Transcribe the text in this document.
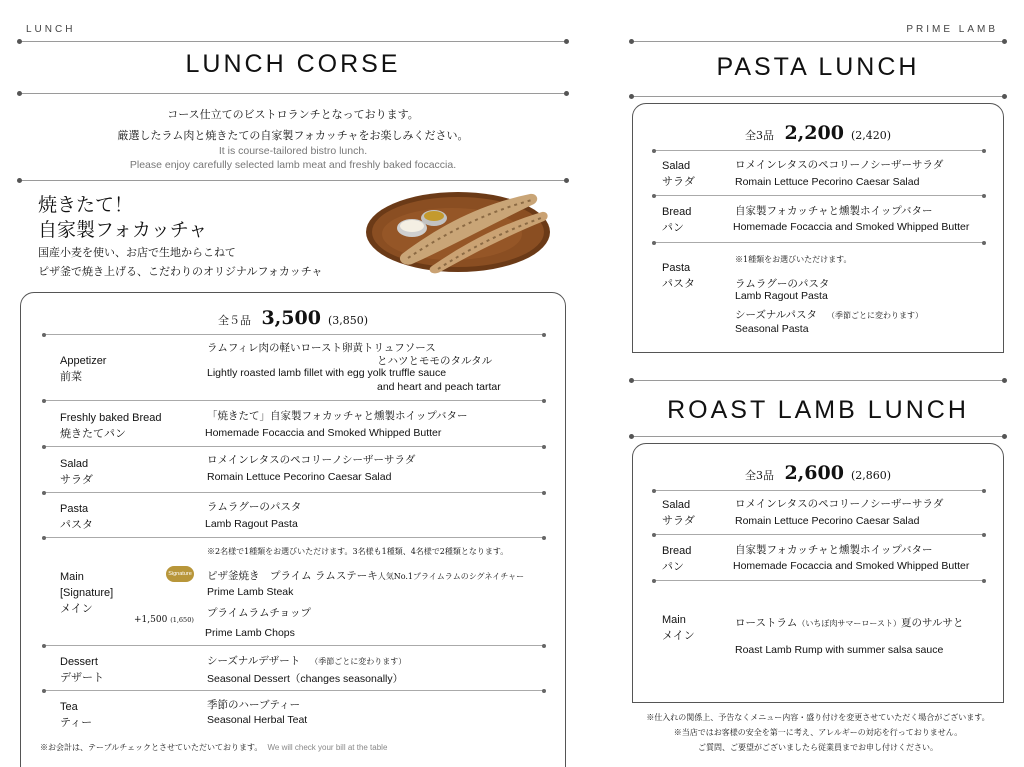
LUNCH
LUNCH CORSE
コース仕立てのビストロランチとなっております。
厳選したラム肉と焼きたての自家製フォカッチャをお楽しみください。
It is course-tailored bistro lunch.
Please enjoy carefully selected lamb meat and freshly baked focaccia.
焼きたて！
自家製フォカッチャ
国産小麦を使い、お店で生地からこねて
ピザ釜で焼き上げる、こだわりのオリジナルフォカッチャ
全５品 3,500 (3,850)
Appetizer
前菜
ラムフィレ肉の軽いロースト卵黄トリュフソース
とハツとモモのタルタル
Lightly roasted lamb fillet with egg yolk truffle sauce
and heart and peach tartar
Freshly baked Bread
焼きたてパン
「焼きたて」自家製フォカッチャと燻製ホイップバター
Homemade Focaccia and Smoked Whipped Butter
Salad
サラダ
ロメインレタスのペコリーノシーザーサラダ
Romain Lettuce Pecorino Caesar Salad
Pasta
パスタ
ラムラグーのパスタ
Lamb Ragout Pasta
※2名様で1種類をお選びいただけます。3名様も1種類、4名様で2種類となります。
Main
[Signature]
メイン
Signature ピザ釜焼き　プライム ラムステーキ人気No.1プライムラムのシグネイチャー
Prime Lamb Steak
プライムラムチョップ
+1,500 (1,650)
Prime Lamb Chops
Dessert
デザート
シーズナルデザート （季節ごとに変わります）
Seasonal Dessert（changes seasonally）
Tea
ティー
季節のハーブティー
Seasonal Herbal Teat
※お会計は、テーブルチェックとさせていただいております。 We will check your bill at the table
PRIME LAMB
PASTA LUNCH
全3品 2,200 (2,420)
Salad
サラダ
ロメインレタスのペコリーノシーザーサラダ
Romain Lettuce Pecorino Caesar Salad
Bread
パン
自家製フォカッチャと燻製ホイップバター
Homemade Focaccia and Smoked Whipped Butter
※1種類をお選びいただけます。
Pasta
パスタ	ラムラグーのパスタ
Lamb Ragout Pasta
シーズナルパスタ （季節ごとに変わります）
Seasonal Pasta
ROAST LAMB LUNCH
全3品 2,600 (2,860)
Salad
サラダ
ロメインレタスのペコリーノシーザーサラダ
Romain Lettuce Pecorino Caesar Salad
Bread
パン
自家製フォカッチャと燻製ホイップバター
Homemade Focaccia and Smoked Whipped Butter
Main
メイン
ローストラム（いちぼ肉サマーロースト）夏のサルサと
Roast Lamb Rump with summer salsa sauce
※仕入れの関係上、予告なくメニュー内容・盛り付けを変更させていただく場合がございます。
※当店ではお客様の安全を第一に考え、アレルギーの対応を行っておりません。
ご質問、ご要望がございましたら従業員までお申し付けください。
